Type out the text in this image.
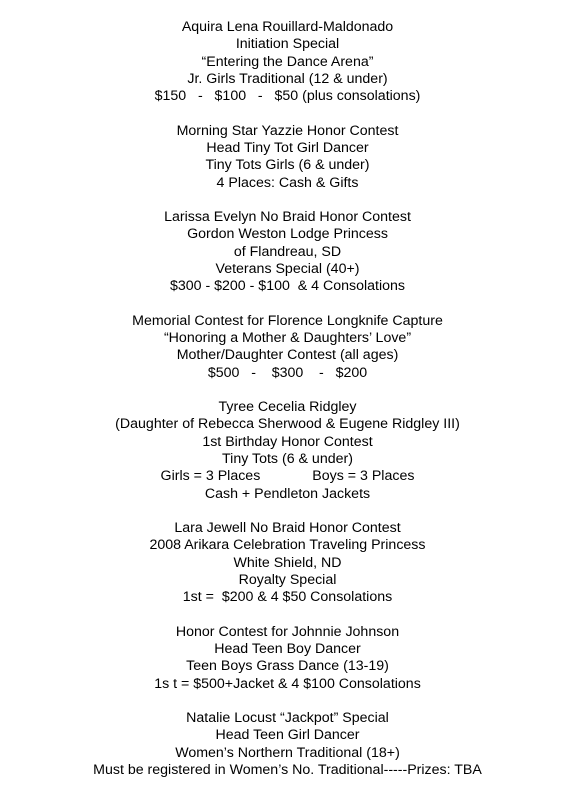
Aquira Lena Rouillard-Maldonado
Initiation Special
“Entering the Dance Arena”
Jr. Girls Traditional (12 & under)
$150   -   $100   -   $50 (plus consolations)
Morning Star Yazzie Honor Contest
Head Tiny Tot Girl Dancer
Tiny Tots Girls (6 & under)
4 Places: Cash & Gifts
Larissa Evelyn No Braid Honor Contest
Gordon Weston Lodge Princess
of Flandreau, SD
Veterans Special (40+)
$300 - $200 - $100  & 4 Consolations
Memorial Contest for Florence Longknife Capture
“Honoring a Mother & Daughters’ Love”
Mother/Daughter Contest (all ages)
$500   -    $300    -   $200
Tyree Cecelia Ridgley
(Daughter of Rebecca Sherwood & Eugene Ridgley III)
1st Birthday Honor Contest
Tiny Tots (6 & under)
Girls = 3 Places	Boys = 3 Places
Cash + Pendleton Jackets
Lara Jewell No Braid Honor Contest
2008 Arikara Celebration Traveling Princess
White Shield, ND
Royalty Special
1st =  $200 & 4 $50 Consolations
Honor Contest for Johnnie Johnson
Head Teen Boy Dancer
Teen Boys Grass Dance (13-19)
1s t = $500+Jacket & 4 $100 Consolations
Natalie Locust “Jackpot” Special
Head Teen Girl Dancer
Women’s Northern Traditional (18+)
Must be registered in Women’s No. Traditional-----Prizes: TBA
